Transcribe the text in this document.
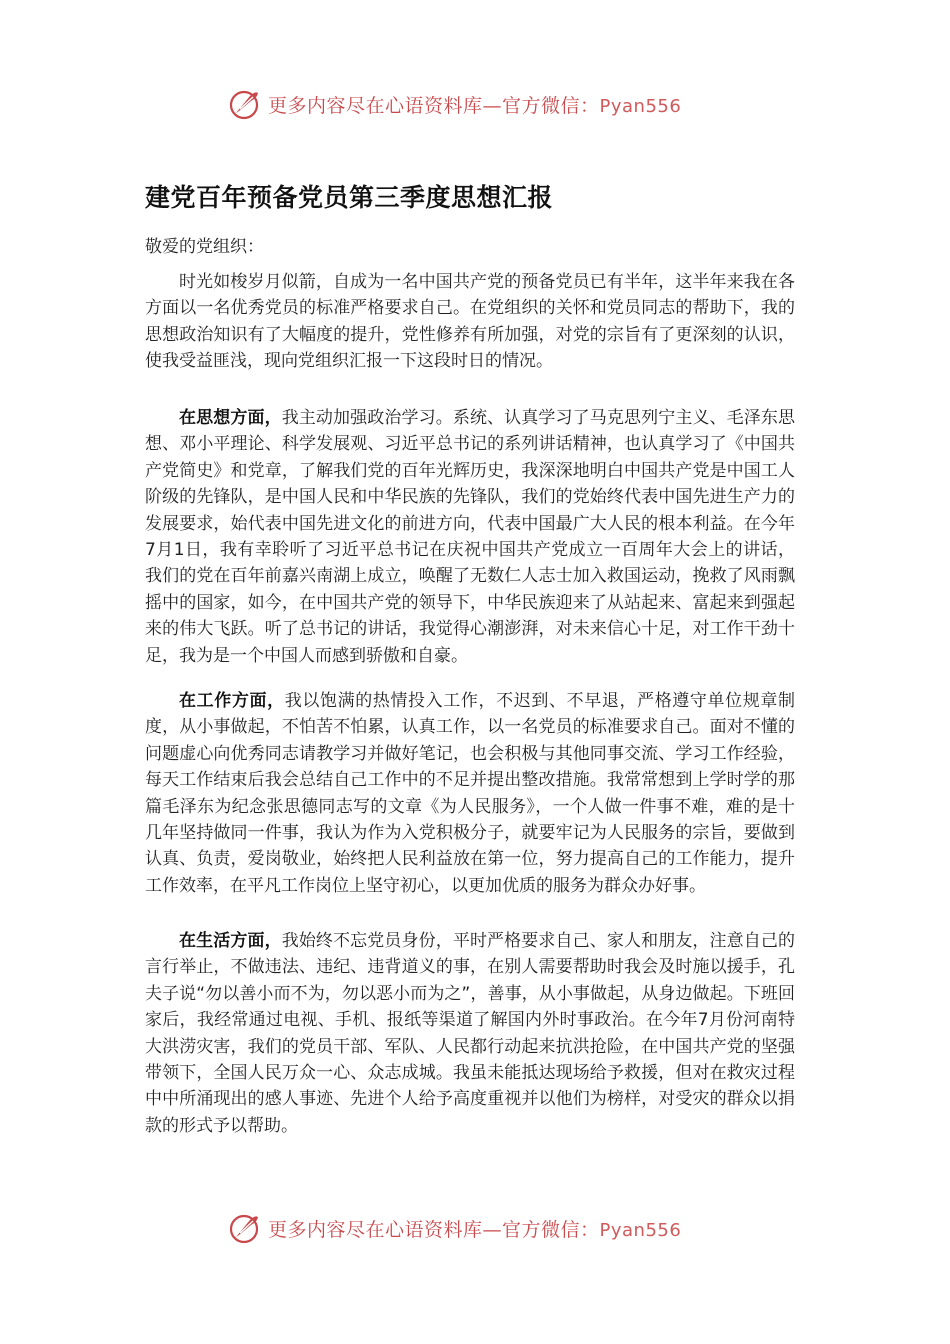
更多内容尽在心语资料库—官方微信：Pyan556
建党百年预备党员第三季度思想汇报
敬爱的党组织：

时光如梭岁月似箭，自成为一名中国共产党的预备党员已有半年，这半年来我在各方面以一名优秀党员的标准严格要求自己。在党组织的关怀和党员同志的帮助下，我的思想政治知识有了大幅度的提升，党性修养有所加强，对党的宗旨有了更深刻的认识，使我受益匪浅，现向党组织汇报一下这段时日的情况。

在思想方面，我主动加强政治学习。系统、认真学习了马克思列宁主义、毛泽东思想、邓小平理论、科学发展观、习近平总书记的系列讲话精神，也认真学习了《中国共产党简史》和党章，了解我们党的百年光辉历史，我深深地明白中国共产党是中国工人阶级的先锋队，是中国人民和中华民族的先锋队，我们的党始终代表中国先进生产力的发展要求，始代表中国先进文化的前进方向，代表中国最广大人民的根本利益。在今年7月1日，我有幸聆听了习近平总书记在庆祝中国共产党成立一百周年大会上的讲话，我们的党在百年前嘉兴南湖上成立，唤醒了无数仁人志士加入救国运动，挽救了风雨飘摇中的国家，如今，在中国共产党的领导下，中华民族迎来了从站起来、富起来到强起来的伟大飞跃。听了总书记的讲话，我觉得心潮澎湃，对未来信心十足，对工作干劲十足，我为是一个中国人而感到骄傲和自豪。

在工作方面，我以饱满的热情投入工作，不迟到、不早退，严格遵守单位规章制度，从小事做起，不怕苦不怕累，认真工作，以一名党员的标准要求自己。面对不懂的问题虚心向优秀同志请教学习并做好笔记，也会积极与其他同事交流、学习工作经验，每天工作结束后我会总结自己工作中的不足并提出整改措施。我常常想到上学时学的那篇毛泽东为纪念张思德同志写的文章《为人民服务》，一个人做一件事不难，难的是十几年坚持做同一件事，我认为作为入党积极分子，就要牢记为人民服务的宗旨，要做到认真、负责，爱岗敬业，始终把人民利益放在第一位，努力提高自己的工作能力，提升工作效率，在平凡工作岗位上坚守初心，以更加优质的服务为群众办好事。

在生活方面，我始终不忘党员身份，平时严格要求自己、家人和朋友，注意自己的言行举止，不做违法、违纪、违背道义的事，在别人需要帮助时我会及时施以援手，孔夫子说“勿以善小而不为，勿以恶小而为之”，善事，从小事做起，从身边做起。下班回家后，我经常通过电视、手机、报纸等渠道了解国内外时事政治。在今年7月份河南特大洪涝灾害，我们的党员干部、军队、人民都行动起来抗洪抢险，在中国共产党的坚强带领下，全国人民万众一心、众志成城。我虽未能抵达现场给予救援，但对在救灾过程中中所涌现出的感人事迹、先进个人给予高度重视并以他们为榜样，对受灾的群众以捐款的形式予以帮助。

更多内容尽在心语资料库—官方微信：Pyan556
